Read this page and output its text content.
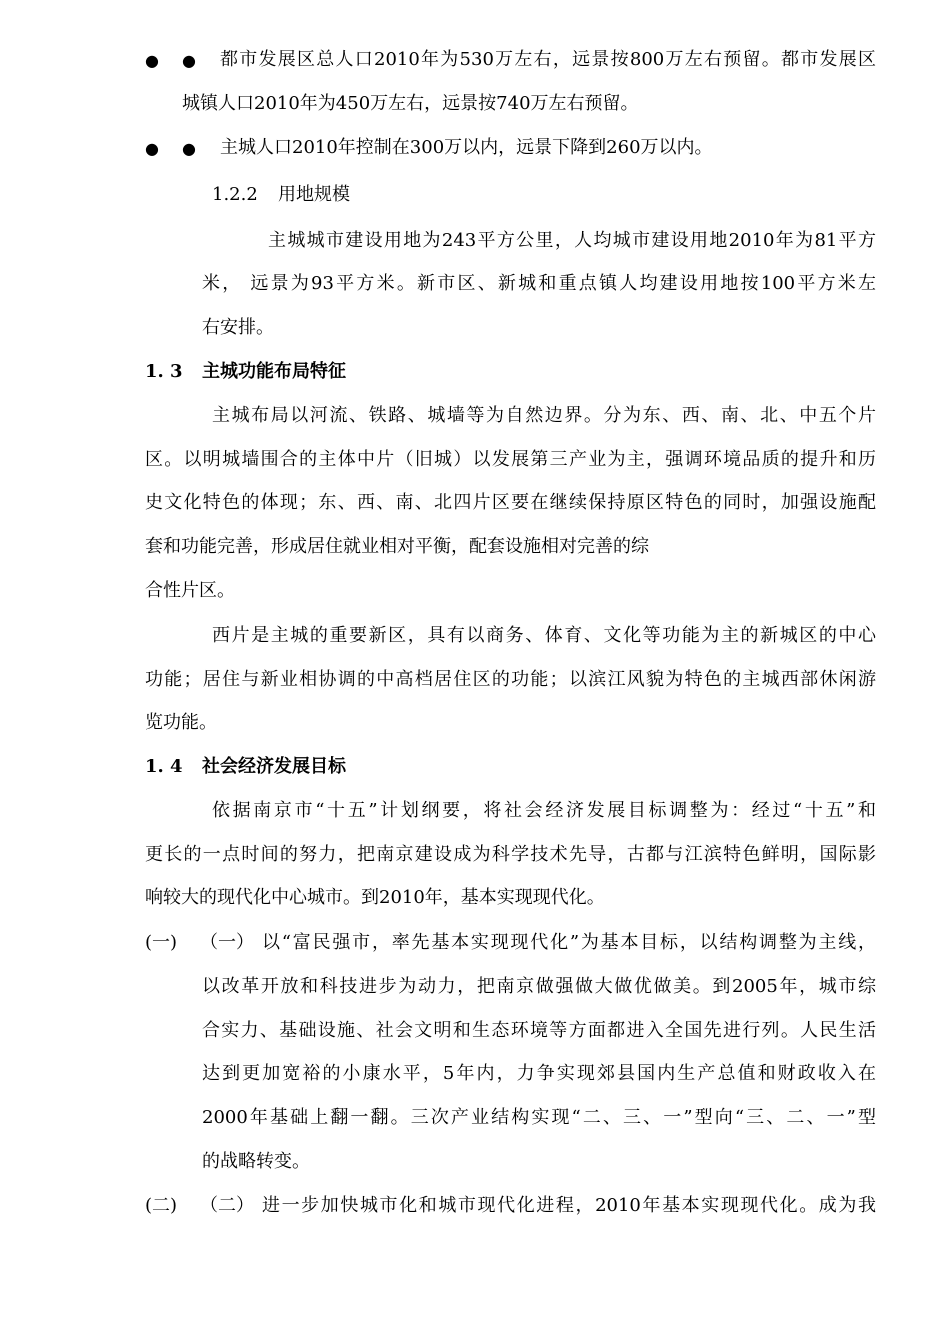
● ● 都市发展区总人口2010年为530万左右，远景按800万左右预留。都市发展区
城镇人口2010年为450万左右，远景按740万左右预留。
● ● 主城人口2010年控制在300万以内，远景下降到260万以内。
1.2.2 用地规模
主城城市建设用地为243平方公里，人均城市建设用地2010年为81平方
米， 远景为93平方米。新市区、新城和重点镇人均建设用地按100平方米左
右安排。
1. 3 主城功能布局特征
主城布局以河流、铁路、城墙等为自然边界。分为东、西、南、北、中五个片
区。以明城墙围合的主体中片（旧城）以发展第三产业为主，强调环境品质的提升和历
史文化特色的体现；东、西、南、北四片区要在继续保持原区特色的同时，加强设施配
套和功能完善，形成居住就业相对平衡，配套设施相对完善的综
合性片区。
西片是主城的重要新区，具有以商务、体育、文化等功能为主的新城区的中心
功能；居住与新业相协调的中高档居住区的功能；以滨江风貌为特色的主城西部休闲游
览功能。
1. 4 社会经济发展目标
依据南京市“十五”计划纲要，将社会经济发展目标调整为：经过“十五”和
更长的一点时间的努力，把南京建设成为科学技术先导，古都与江滨特色鲜明，国际影
响较大的现代化中心城市。到2010年，基本实现现代化。
(一) （一） 以“富民强市，率先基本实现现代化”为基本目标，以结构调整为主线，
以改革开放和科技进步为动力，把南京做强做大做优做美。到2005年，城市综
合实力、基础设施、社会文明和生态环境等方面都进入全国先进行列。人民生活
达到更加宽裕的小康水平，5年内，力争实现郊县国内生产总值和财政收入在
2000年基础上翻一翻。三次产业结构实现“二、三、一”型向“三、二、一”型
的战略转变。
(二) （二） 进一步加快城市化和城市现代化进程，2010年基本实现现代化。成为我
